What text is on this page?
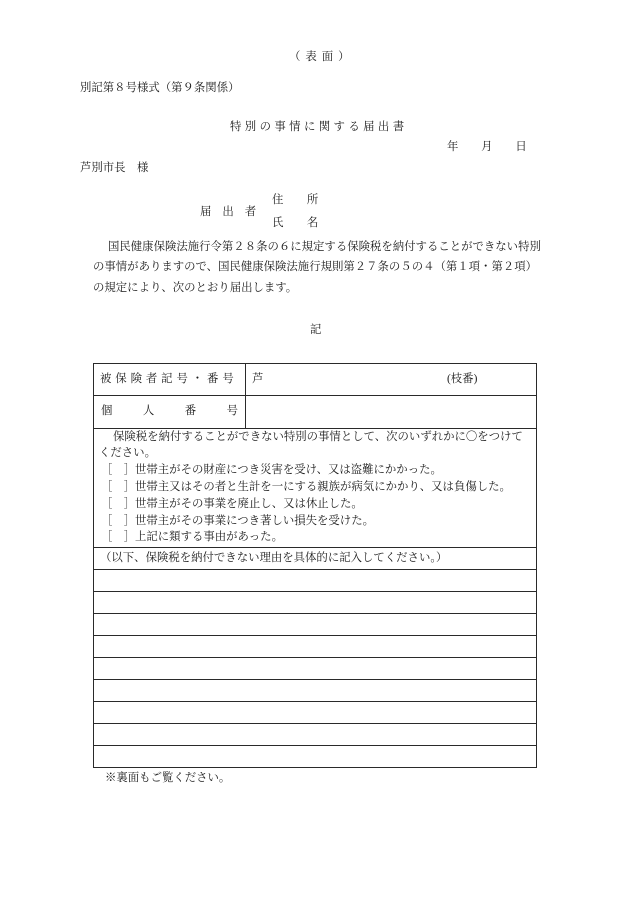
（表面）
別記第８号様式（第９条関係）
特別の事情に関する届出書
年　　月　　日
芦別市長　様
届出者
住所
氏名
国民健康保険法施行令第２８条の６に規定する保険税を納付することができない特別
の事情がありますので、国民健康保険法施行規則第２７条の５の４（第１項・第２項）
の規定により、次のとおり届出します。
記
被保険者記号・番号 芦	(枝番)
個人番号
保険税を納付することができない特別の事情として、次のいずれかに〇をつけて
ください。
［　］世帯主がその財産につき災害を受け、又は盗難にかかった。
［　］世帯主又はその者と生計を一にする親族が病気にかかり、又は負傷した。
［　］世帯主がその事業を廃止し、又は休止した。
［　］世帯主がその事業につき著しい損失を受けた。
［　］上記に類する事由があった。
（以下、保険税を納付できない理由を具体的に記入してください。）
※裏面もご覧ください。
